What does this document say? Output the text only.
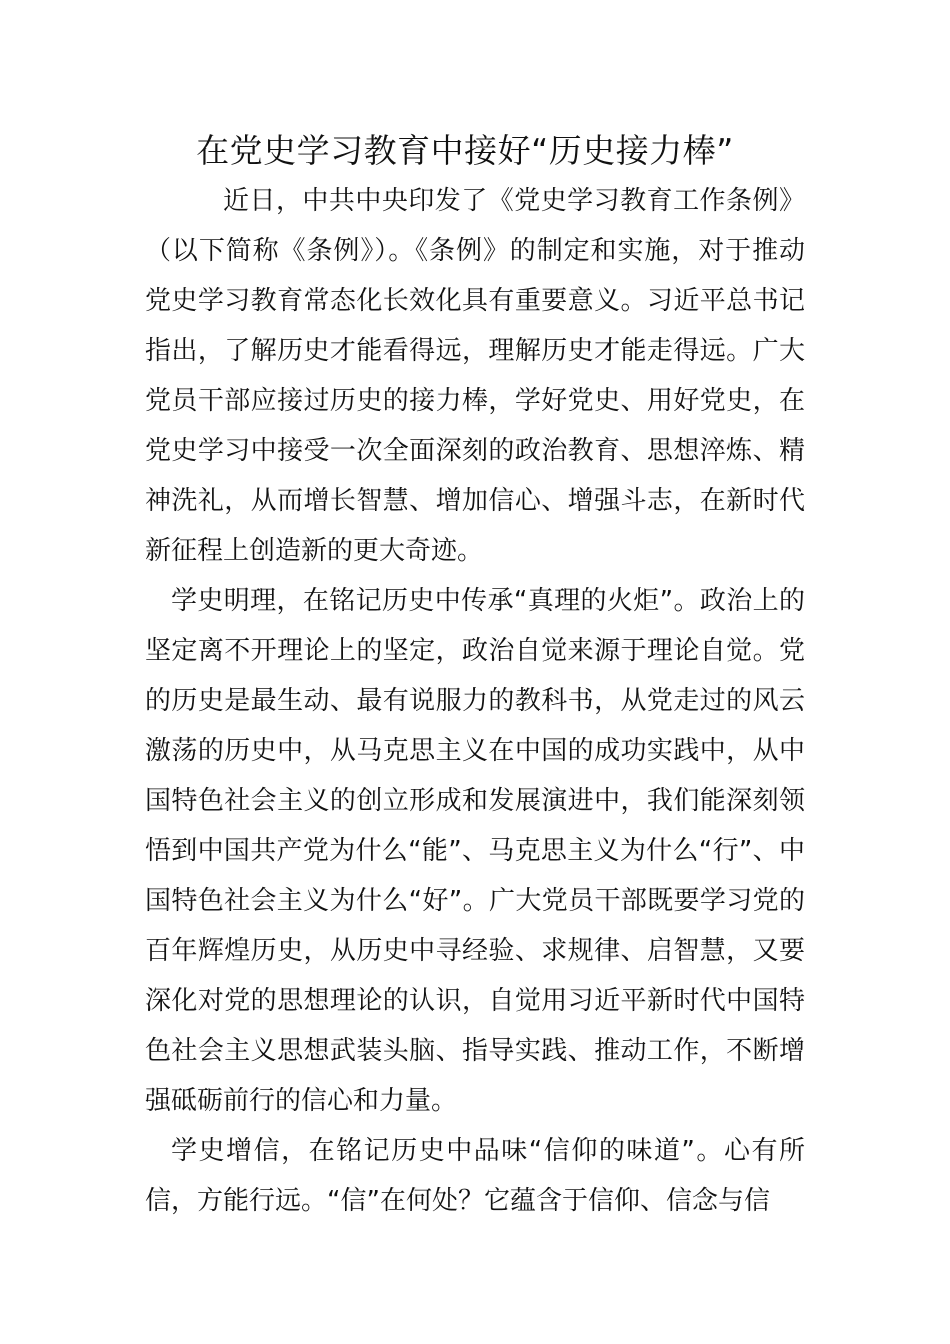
在党史学习教育中接好“历史接力棒”

近日，中共中央印发了《党史学习教育工作条例》（以下简称《条例》）。《条例》的制定和实施，对于推动党史学习教育常态化长效化具有重要意义。习近平总书记指出，了解历史才能看得远，理解历史才能走得远。广大党员干部应接过历史的接力棒，学好党史、用好党史，在党史学习中接受一次全面深刻的政治教育、思想淬炼、精神洗礼，从而增长智慧、增加信心、增强斗志，在新时代新征程上创造新的更大奇迹。

学史明理，在铭记历史中传承“真理的火炬”。政治上的坚定离不开理论上的坚定，政治自觉来源于理论自觉。党的历史是最生动、最有说服力的教科书，从党走过的风云激荡的历史中，从马克思主义在中国的成功实践中，从中国特色社会主义的创立形成和发展演进中，我们能深刻领悟到中国共产党为什么“能”、马克思主义为什么“行”、中国特色社会主义为什么“好”。广大党员干部既要学习党的百年辉煌历史，从历史中寻经验、求规律、启智慧，又要深化对党的思想理论的认识，自觉用习近平新时代中国特色社会主义思想武装头脑、指导实践、推动工作，不断增强砥砺前行的信心和力量。

学史增信，在铭记历史中品味“信仰的味道”。心有所信，方能行远。“信”在何处？它蕴含于信仰、信念与信
